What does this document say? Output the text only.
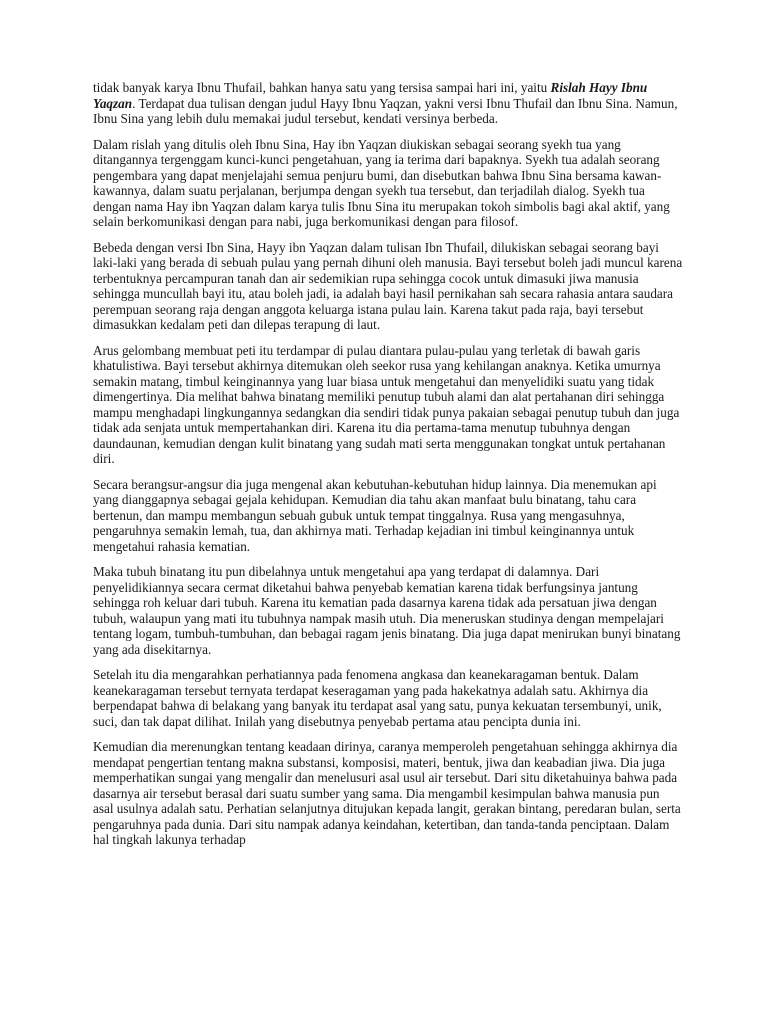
tidak banyak karya Ibnu Thufail, bahkan hanya satu yang tersisa sampai hari ini, yaitu Rislah Hayy Ibnu Yaqzan. Terdapat dua tulisan dengan judul Hayy Ibnu Yaqzan, yakni versi Ibnu Thufail dan Ibnu Sina. Namun, Ibnu Sina yang lebih dulu memakai judul tersebut, kendati versinya berbeda.

Dalam rislah yang ditulis oleh Ibnu Sina, Hay ibn Yaqzan diukiskan sebagai seorang syekh tua yang ditangannya tergenggam kunci-kunci pengetahuan, yang ia terima dari bapaknya. Syekh tua adalah seorang pengembara yang dapat menjelajahi semua penjuru bumi, dan disebutkan bahwa Ibnu Sina bersama kawan-kawannya, dalam suatu perjalanan, berjumpa dengan syekh tua tersebut, dan terjadilah dialog. Syekh tua dengan nama Hay ibn Yaqzan dalam karya tulis Ibnu Sina itu merupakan tokoh simbolis bagi akal aktif, yang selain berkomunikasi dengan para nabi, juga berkomunikasi dengan para filosof.

Bebeda dengan versi Ibn Sina, Hayy ibn Yaqzan dalam tulisan Ibn Thufail, dilukiskan sebagai seorang bayi laki-laki yang berada di sebuah pulau yang pernah dihuni oleh manusia. Bayi tersebut boleh jadi muncul karena terbentuknya percampuran tanah dan air sedemikian rupa sehingga cocok untuk dimasuki jiwa manusia sehingga muncullah bayi itu, atau boleh jadi, ia adalah bayi hasil pernikahan sah secara rahasia antara saudara perempuan seorang raja dengan anggota keluarga istana pulau lain. Karena takut pada raja, bayi tersebut dimasukkan kedalam peti dan dilepas terapung di laut.

Arus gelombang membuat peti itu terdampar di pulau diantara pulau-pulau yang terletak di bawah garis khatulistiwa. Bayi tersebut akhirnya ditemukan oleh seekor rusa yang kehilangan anaknya. Ketika umurnya semakin matang, timbul keinginannya yang luar biasa untuk mengetahui dan menyelidiki suatu yang tidak dimengertinya. Dia melihat bahwa binatang memiliki penutup tubuh alami dan alat pertahanan diri sehingga mampu menghadapi lingkungannya sedangkan dia sendiri tidak punya pakaian sebagai penutup tubuh dan juga tidak ada senjata untuk mempertahankan diri. Karena itu dia pertama-tama menutup tubuhnya dengan daundaunan, kemudian dengan kulit binatang yang sudah mati serta menggunakan tongkat untuk pertahanan diri.

Secara berangsur-angsur dia juga mengenal akan kebutuhan-kebutuhan hidup lainnya. Dia menemukan api yang dianggapnya sebagai gejala kehidupan. Kemudian dia tahu akan manfaat bulu binatang, tahu cara bertenun, dan mampu membangun sebuah gubuk untuk tempat tinggalnya. Rusa yang mengasuhnya, pengaruhnya semakin lemah, tua, dan akhirnya mati. Terhadap kejadian ini timbul keinginannya untuk mengetahui rahasia kematian.

Maka tubuh binatang itu pun dibelahnya untuk mengetahui apa yang terdapat di dalamnya. Dari penyelidikiannya secara cermat diketahui bahwa penyebab kematian karena tidak berfungsinya jantung sehingga roh keluar dari tubuh. Karena itu kematian pada dasarnya karena tidak ada persatuan jiwa dengan tubuh, walaupun yang mati itu tubuhnya nampak masih utuh. Dia meneruskan studinya dengan mempelajari tentang logam, tumbuh-tumbuhan, dan bebagai ragam jenis binatang. Dia juga dapat menirukan bunyi binatang yang ada disekitarnya.

Setelah itu dia mengarahkan perhatiannya pada fenomena angkasa dan keanekaragaman bentuk. Dalam keanekaragaman tersebut ternyata terdapat keseragaman yang pada hakekatnya adalah satu. Akhirnya dia berpendapat bahwa di belakang yang banyak itu terdapat asal yang satu, punya kekuatan tersembunyi, unik, suci, dan tak dapat dilihat. Inilah yang disebutnya penyebab pertama atau pencipta dunia ini.

Kemudian dia merenungkan tentang keadaan dirinya, caranya memperoleh pengetahuan sehingga akhirnya dia mendapat pengertian tentang makna substansi, komposisi, materi, bentuk, jiwa dan keabadian jiwa. Dia juga memperhatikan sungai yang mengalir dan menelusuri asal usul air tersebut. Dari situ diketahuinya bahwa pada dasarnya air tersebut berasal dari suatu sumber yang sama. Dia mengambil kesimpulan bahwa manusia pun asal usulnya adalah satu. Perhatian selanjutnya ditujukan kepada langit, gerakan bintang, peredaran bulan, serta pengaruhnya pada dunia. Dari situ nampak adanya keindahan, ketertiban, dan tanda-tanda penciptaan. Dalam hal tingkah lakunya terhadap
